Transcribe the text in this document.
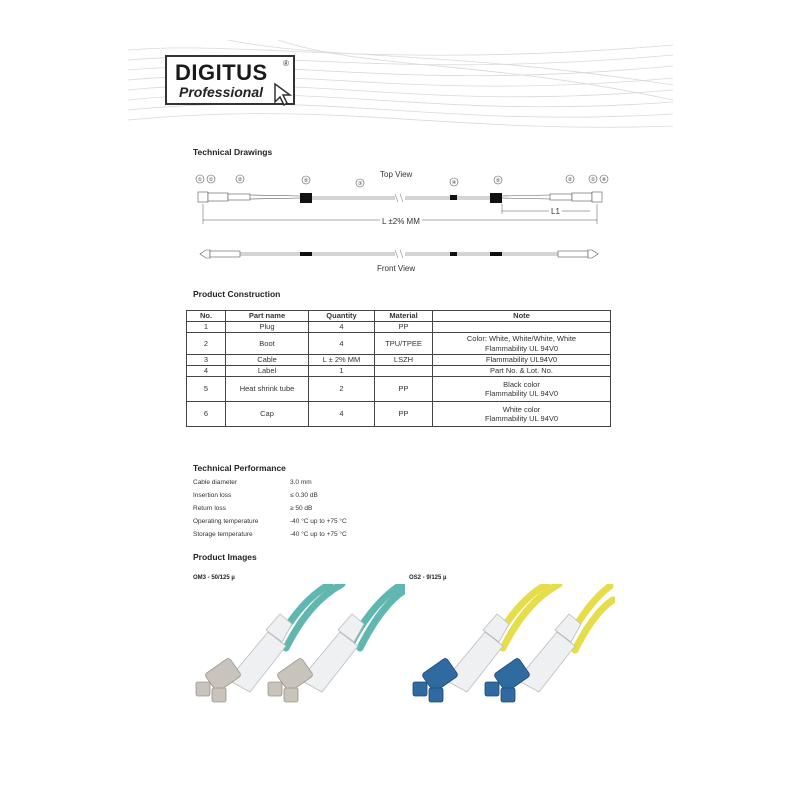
DIGITUS ®
Professional
Technical Drawings
Top View
① ①	②	⑤	③	④	⑤	②	① ⑥
L ±2% MM
L1
Front View
Product Construction
No.	Part name	Quantity	Material	Note
1	Plug	4	PP	
2	Boot	4	TPU/TPEE	Color: White, White/White, White
Flammability UL 94V0

3	Cable	L ± 2% MM	LSZH	Flammability UL94V0
4	Label	1		Part No. & Lot. No.
5	Heat shrink tube	2	PP	Black color
Flammability UL 94V0

6	Cap	4	PP	White color
Flammability UL 94V0
Technical Performance
Cable diameter	3.0 mm
Insertion loss	≤ 0.30 dB
Return loss	≥ 50 dB
Operating temperature	-40 °C up to +75 °C
Storage temperature	-40 °C up to +75 °C
Product Images
OM3 - 50/125 µ	OS2 - 9/125 µ
